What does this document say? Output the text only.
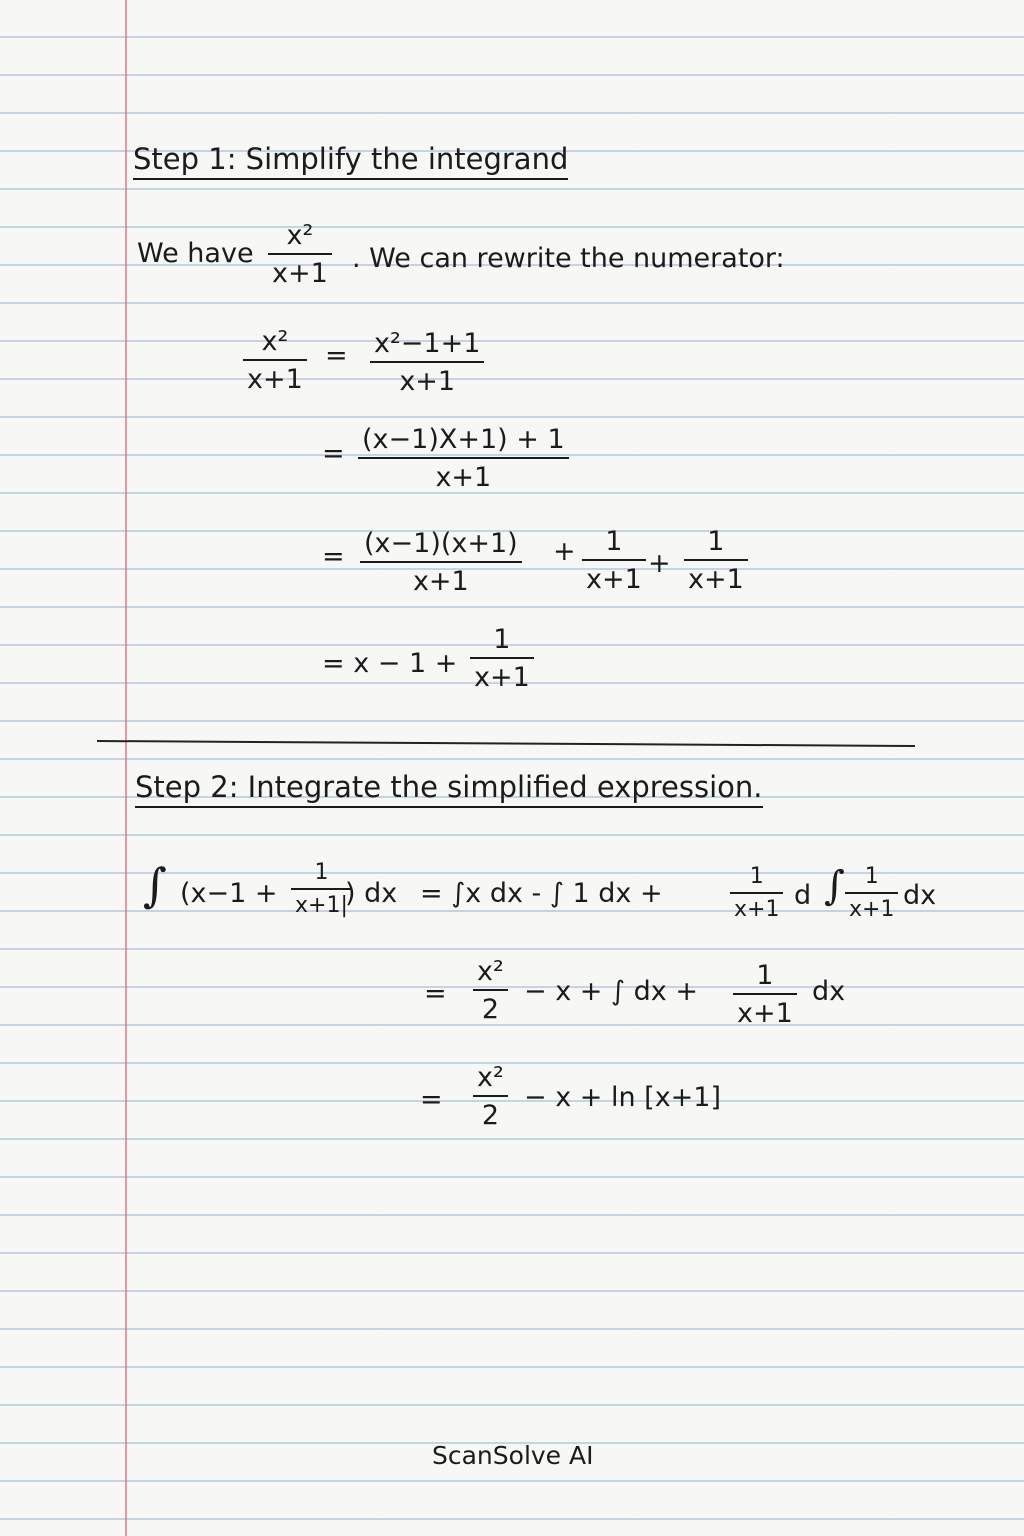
Step 1: Simplify the integrand
We have
x²
x+1 . We can rewrite the numerator:
x²
x+1
= x²−1+1
x+1
= (x−1)X+1) + 1
x+1
= (x−1)(x+1)
x+1
+ 1
x+1
+
1
x+1
= x − 1 +
1
x+1
Step 2: Integrate the simplified expression.
∫ (x−1 +
1
x+1|
) dx = ∫x dx - ∫ 1 dx +
1
x+1 d ∫ 1
x+1 dx
=
x²
2
− x + ∫ dx +
1
x+1
dx
=
x²
2
− x + ln [x+1]
ScanSolve AI
